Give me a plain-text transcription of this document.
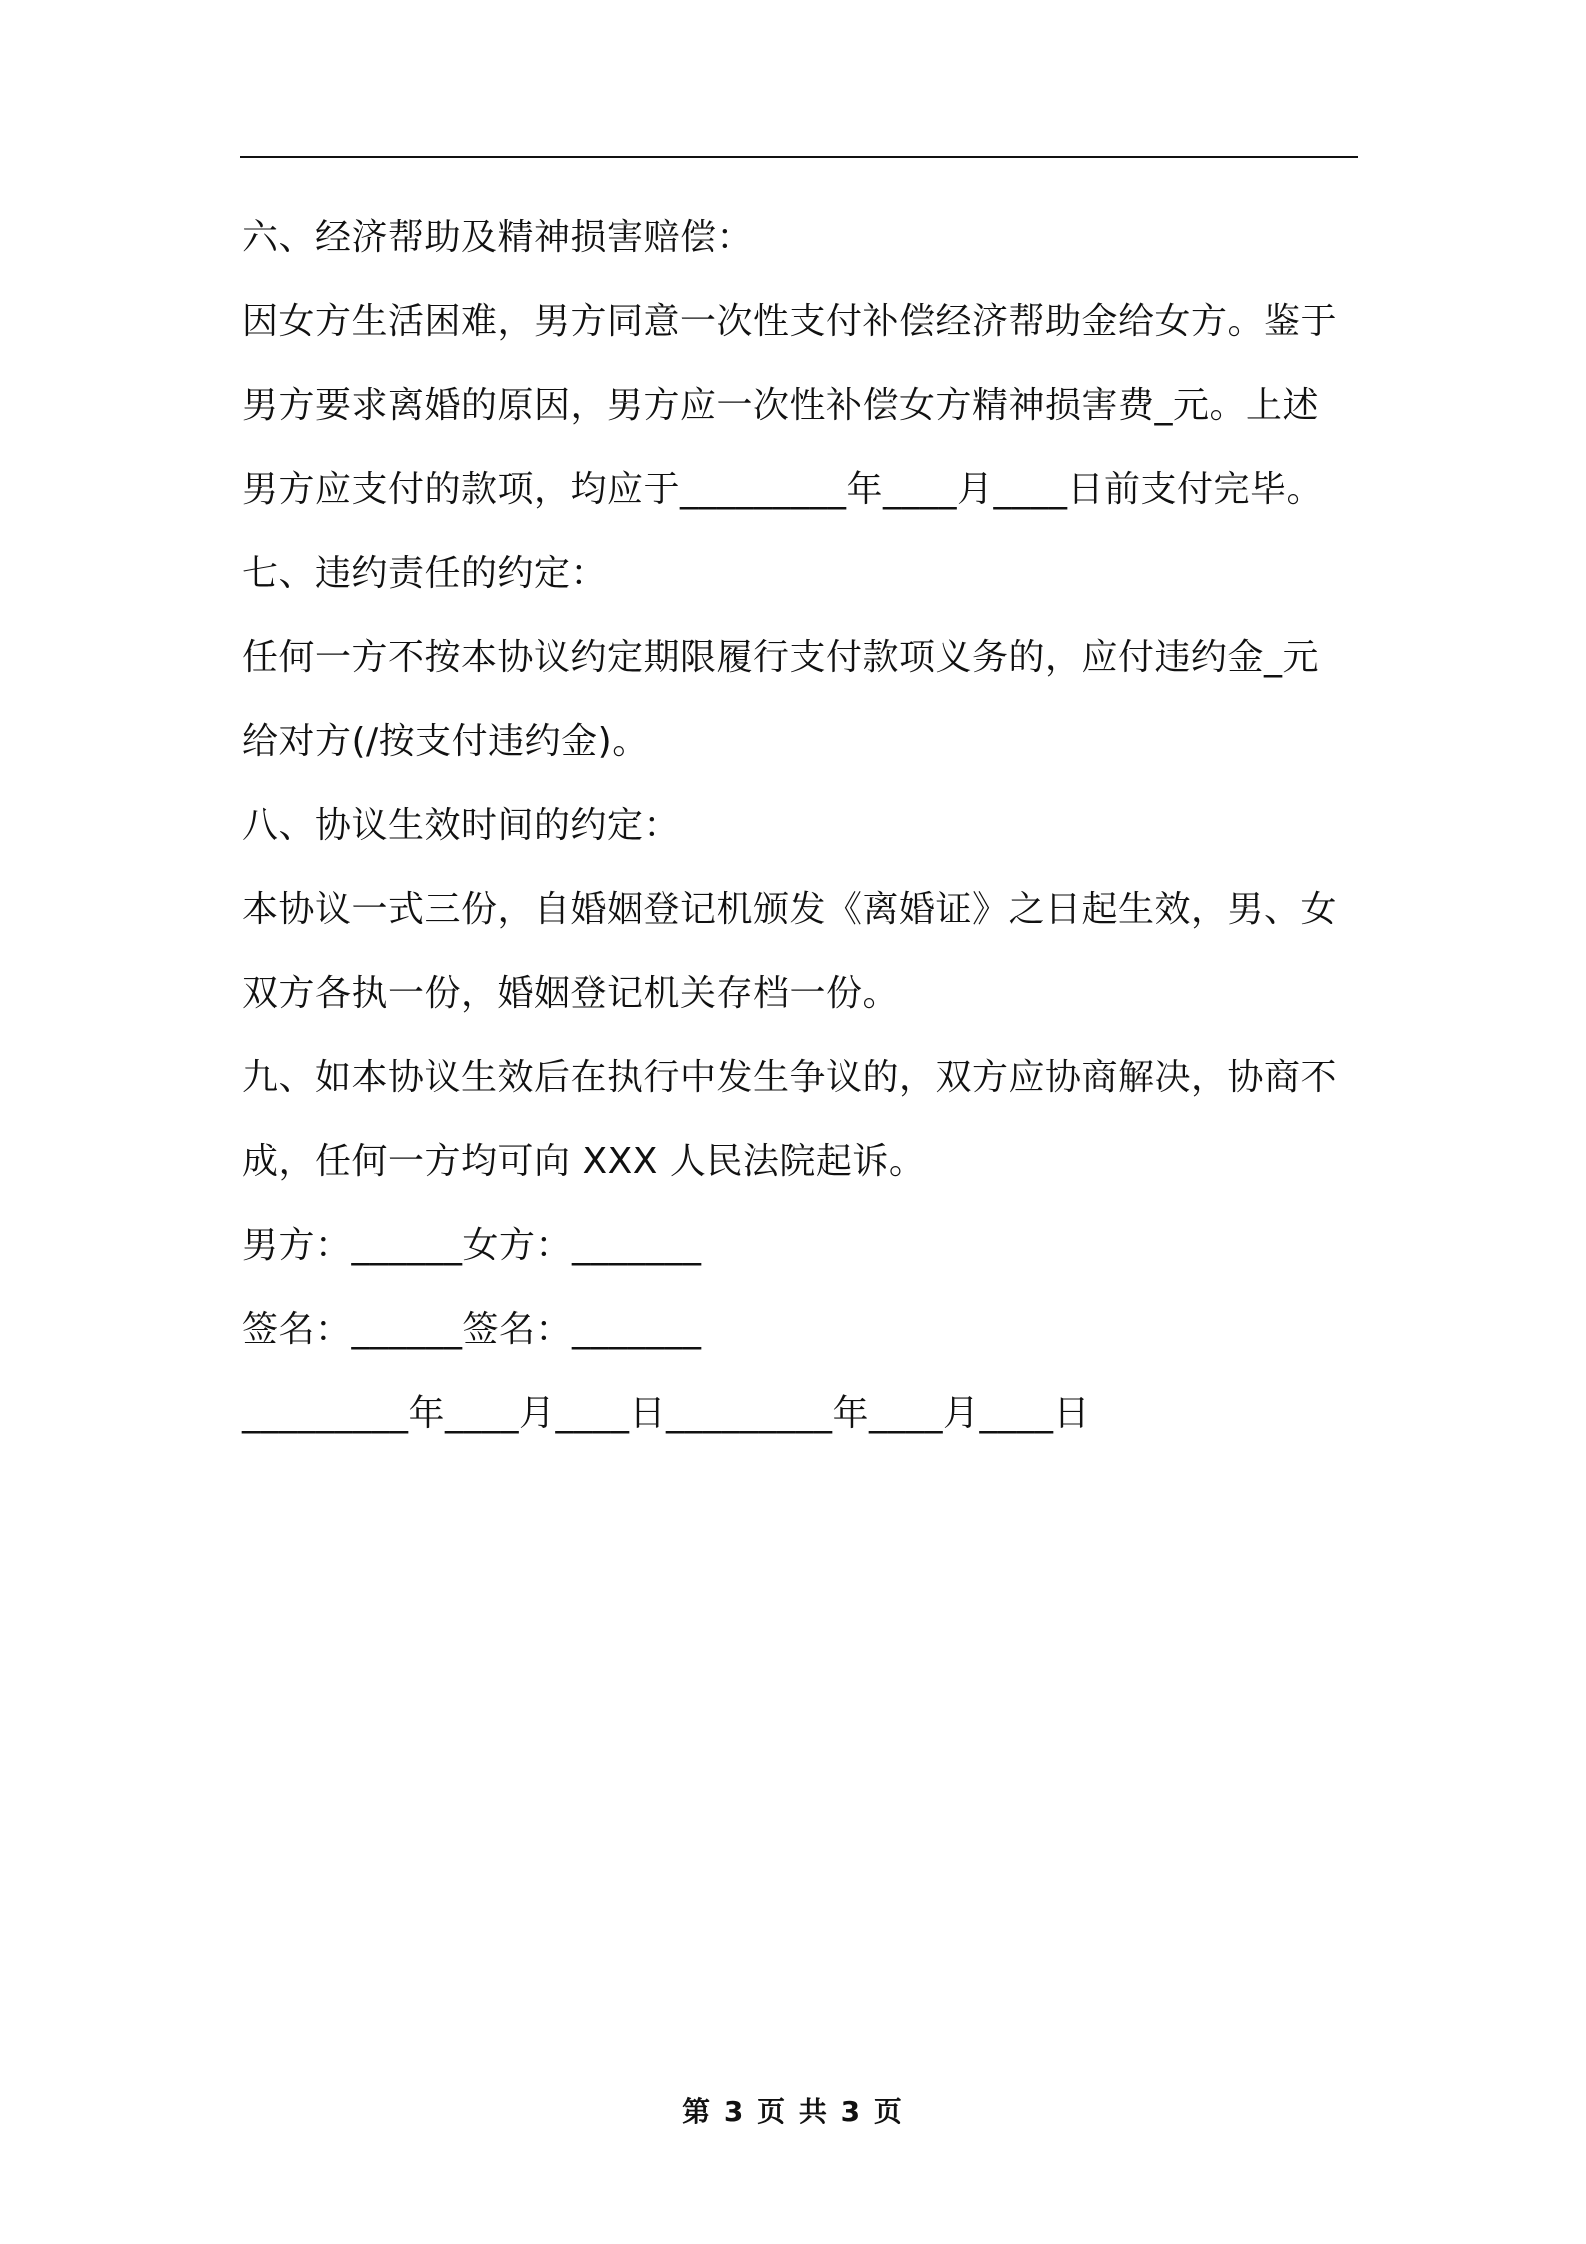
六、经济帮助及精神损害赔偿：
因女方生活困难，男方同意一次性支付补偿经济帮助金给女方。鉴于
男方要求离婚的原因，男方应一次性补偿女方精神损害费_元。上述
男方应支付的款项，均应于_________年____月____日前支付完毕。
七、违约责任的约定：
任何一方不按本协议约定期限履行支付款项义务的，应付违约金_元
给对方(/按支付违约金)。
八、协议生效时间的约定：
本协议一式三份，自婚姻登记机颁发《离婚证》之日起生效，男、女
双方各执一份，婚姻登记机关存档一份。
九、如本协议生效后在执行中发生争议的，双方应协商解决，协商不
成，任何一方均可向 XXX 人民法院起诉。
男方：______女方：_______
签名：______签名：_______
_________年____月____日_________年____月____日
第 3 页 共 3 页
